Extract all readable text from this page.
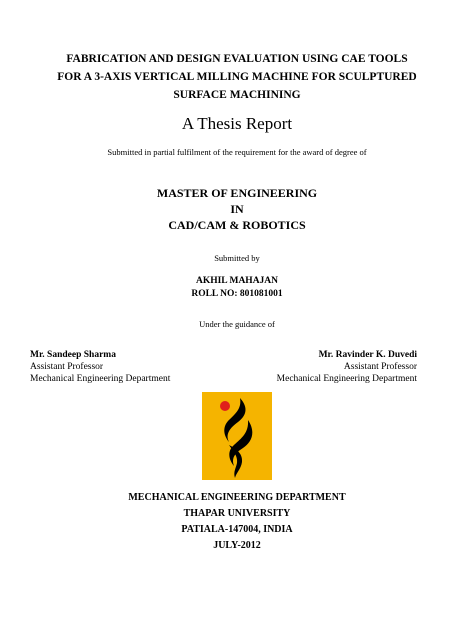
FABRICATION AND DESIGN EVALUATION USING CAE TOOLS
FOR A 3-AXIS VERTICAL MILLING MACHINE FOR SCULPTURED
SURFACE MACHINING
A Thesis Report
Submitted in partial fulfilment of the requirement for the award of degree of
MASTER OF ENGINEERING
IN
CAD/CAM & ROBOTICS
Submitted by
AKHIL MAHAJAN
ROLL NO: 801081001
Under the guidance of
Mr. Sandeep Sharma
Assistant Professor
Mechanical Engineering Department
Mr. Ravinder K. Duvedi
Assistant Professor
Mechanical Engineering Department
MECHANICAL ENGINEERING DEPARTMENT
THAPAR UNIVERSITY
PATIALA-147004, INDIA
JULY-2012
